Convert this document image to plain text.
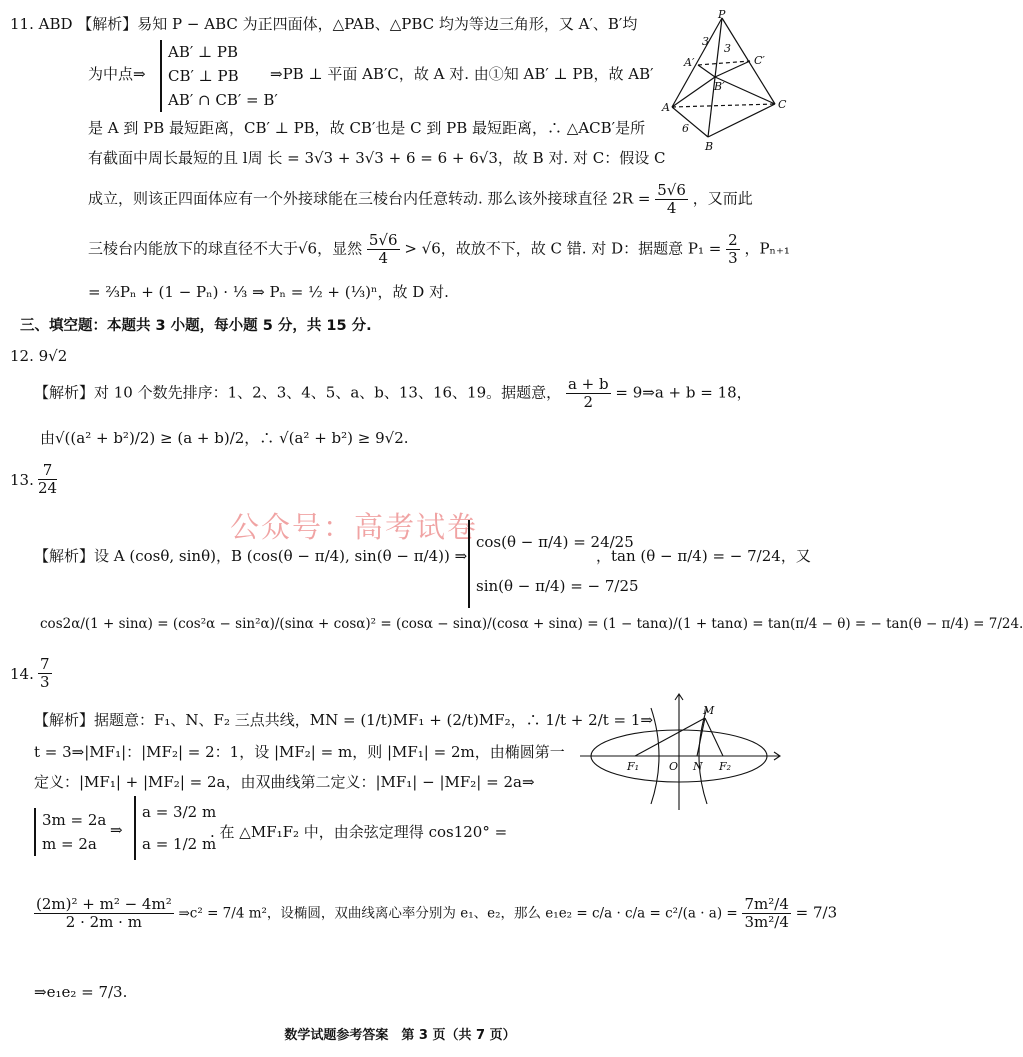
11. ABD 【解析】易知 P − ABC 为正四面体，△PAB、△PBC 均为等边三角形，又 A′、B′均
为中点⇒
AB′ ⊥ PB
CB′ ⊥ PB
AB′ ∩ CB′ = B′
⇒PB ⊥ 平面 AB′C，故 A 对. 由①知 AB′ ⊥ PB，故 AB′
是 A 到 PB 最短距离，CB′ ⊥ PB，故 CB′也是 C 到 PB 最短距离，∴ △ACB′是所
有截面中周长最短的且 l周 长 = 3√3 + 3√3 + 6 = 6 + 6√3，故 B 对. 对 C：假设 C
成立，则该正四面体应有一个外接球能在三棱台内任意转动. 那么该外接球直径 $2R = \frac{5√6}{4}$ ，又而此
三棱台内能放下的球直径不大于√6，显然 $\frac{5√6}{4} > √6$，故放不下，故 C 错. 对 D：据题意 $P_1 = \frac{2}{3}$ ，Pₙ₊₁
= ⅔Pₙ + (1 − Pₙ) · ⅓ ⇒ Pₙ = ½ + (⅓)ⁿ，故 D 对.
P
3
3
A′	C′
B′
A	C
6
B
三、填空题：本题共 3 小题，每小题 5 分，共 15 分.
12. 9√2
【解析】对 10 个数先排序：1、2、3、4、5、a、b、13、16、19。据题意， $\frac{a + b}{2}$ = 9⇒a + b = 18，
由√((a² + b²)/2) ≥ (a + b)/2，∴ √(a² + b²) ≥ 9√2.
13. $\frac{7}{24}$
公众号：高考试卷
【解析】设 A (cosθ, sinθ)，B (cos(θ − π/4), sin(θ − π/4)) ⇒
cos(θ − π/4) = 24/25
sin(θ − π/4) = − 7/25
，tan (θ − π/4) = − 7/24，又
cos2α/(1 + sinα) = (cos²α − sin²α)/(sinα + cosα)² = (cosα − sinα)/(cosα + sinα) = (1 − tanα)/(1 + tanα) = tan(π/4 − θ) = − tan(θ − π/4) = 7/24.
14. $\frac{7}{3}$
【解析】据题意：F₁、N、F₂ 三点共线，MN = (1/t)MF₁ + (2/t)MF₂，∴ 1/t + 2/t = 1⇒
t = 3⇒|MF₁|：|MF₂| = 2：1，设 |MF₂| = m，则 |MF₁| = 2m，由椭圆第一
定义：|MF₁| + |MF₂| = 2a，由双曲线第二定义：|MF₁| − |MF₂| = 2a⇒
3m = 2a
m = 2a
⇒
a = 3/2 m
a = 1/2 m
. 在 △MF₁F₂ 中，由余弦定理得 cos120° =
$\frac{\text{(2m)² + m² − 4m²}}{2 \cdot 2m \cdot m}$ ⇒c² = 7/4 m²，设椭圆，双曲线离心率分别为 e₁、e₂，那么 $e_1e_2 = c/a \cdot c/a = c^2/(a \cdot a) = \frac{\text{7m²/4}}{\text{3m²/4}} = 7/3$
⇒e₁e₂ = 7/3.
M
F₁	O N F₂
数学试题参考答案　第 3 页（共 7 页）
